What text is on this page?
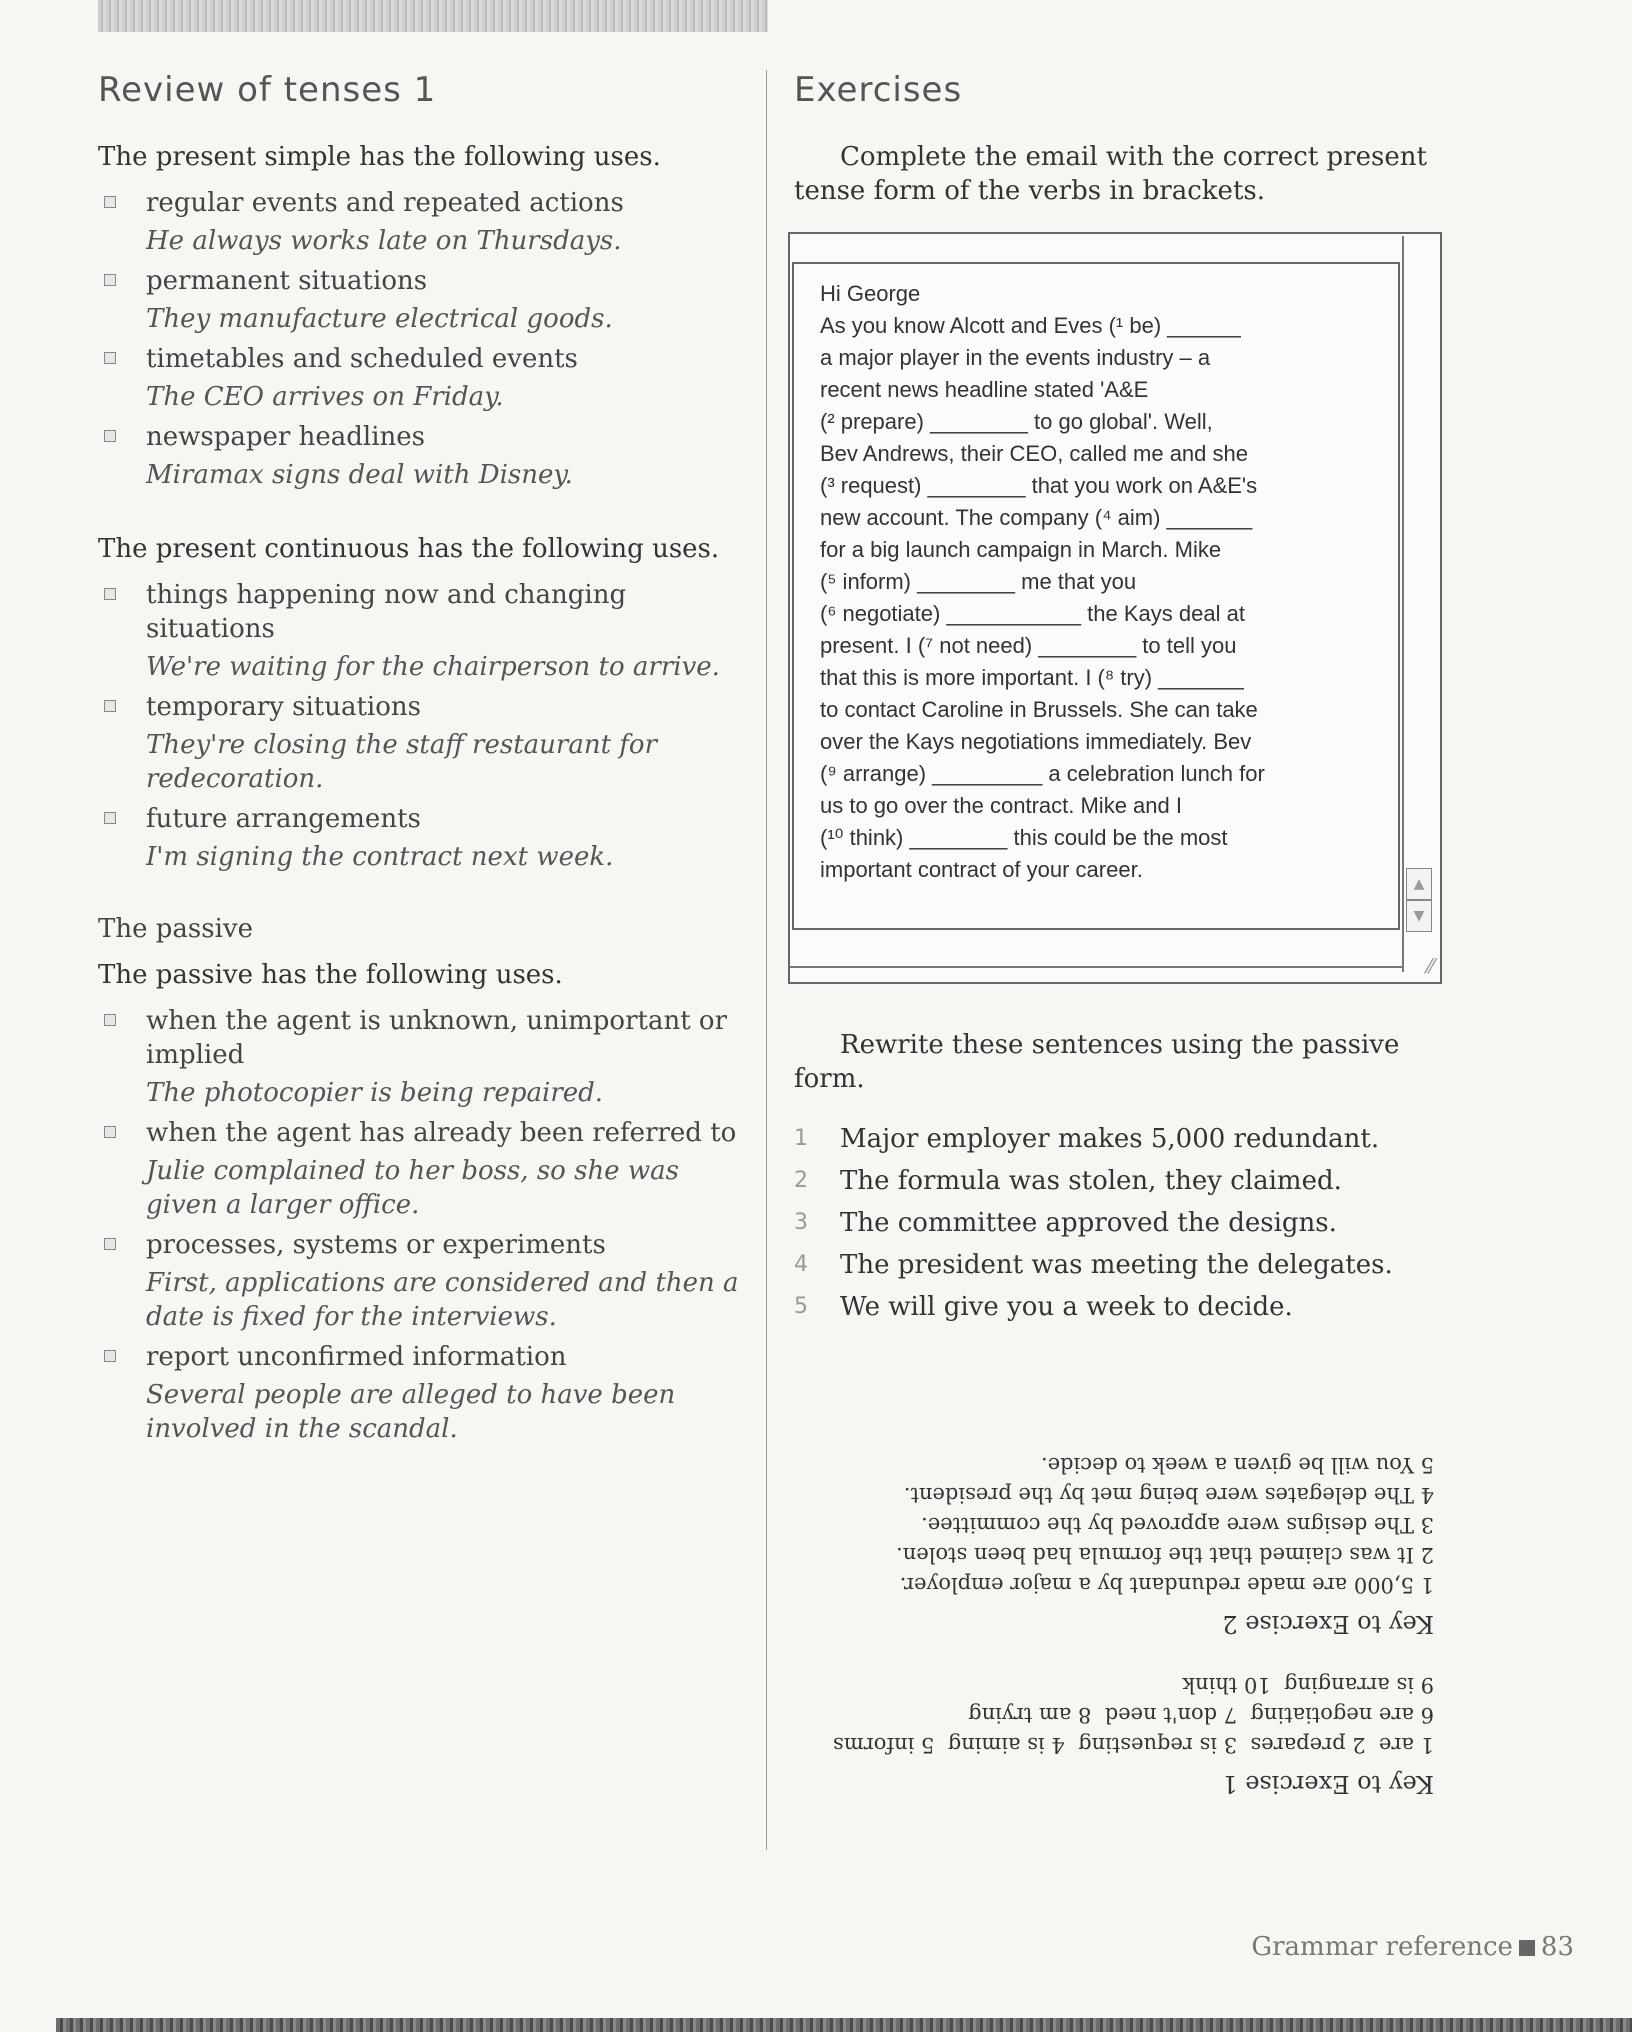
Review of tenses 1

The present simple has the following uses.

regular events and repeated actions
He always works late on Thursdays.
permanent situations
They manufacture electrical goods.
timetables and scheduled events
The CEO arrives on Friday.
newspaper headlines
Miramax signs deal with Disney.

The present continuous has the following uses.

things happening now and changing situations
We're waiting for the chairperson to arrive.
temporary situations
They're closing the staff restaurant for redecoration.
future arrangements
I'm signing the contract next week.

The passive

The passive has the following uses.

when the agent is unknown, unimportant or implied
The photocopier is being repaired.
when the agent has already been referred to
Julie complained to her boss, so she was given a larger office.
processes, systems or experiments
First, applications are considered and then a date is fixed for the interviews.
report unconfirmed information
Several people are alleged to have been involved in the scandal.
Exercises

Complete the email with the correct present tense form of the verbs in brackets.

Hi George
As you know Alcott and Eves (¹ be) ______
a major player in the events industry – a
recent news headline stated 'A&E
(² prepare) ________ to go global'. Well,
Bev Andrews, their CEO, called me and she
(³ request) ________ that you work on A&E's
new account. The company (⁴ aim) _______
for a big launch campaign in March. Mike
(⁵ inform) ________ me that you
(⁶ negotiate) ___________ the Kays deal at
present. I (⁷ not need) ________ to tell you
that this is more important. I (⁸ try) _______
to contact Caroline in Brussels. She can take
over the Kays negotiations immediately. Bev
(⁹ arrange) _________ a celebration lunch for
us to go over the contract. Mike and I
(¹⁰ think) ________ this could be the most
important contract of your career.

▲
▼
⁄⁄

Rewrite these sentences using the passive form.

1 Major employer makes 5,000 redundant.
2 The formula was stolen, they claimed.
3 The committee approved the designs.
4 The president was meeting the delegates.
5 We will give you a week to decide.

Key to Exercise 1

1 are  2 prepares  3 is requesting  4 is aiming  5 informs
6 are negotiating  7 don't need  8 am trying
9 is arranging  10 think

Key to Exercise 2

1 5,000 are made redundant by a major employer.
2 It was claimed that the formula had been stolen.
3 The designs were approved by the committee.
4 The delegates were being met by the president.
5 You will be given a week to decide.
Grammar reference 83
